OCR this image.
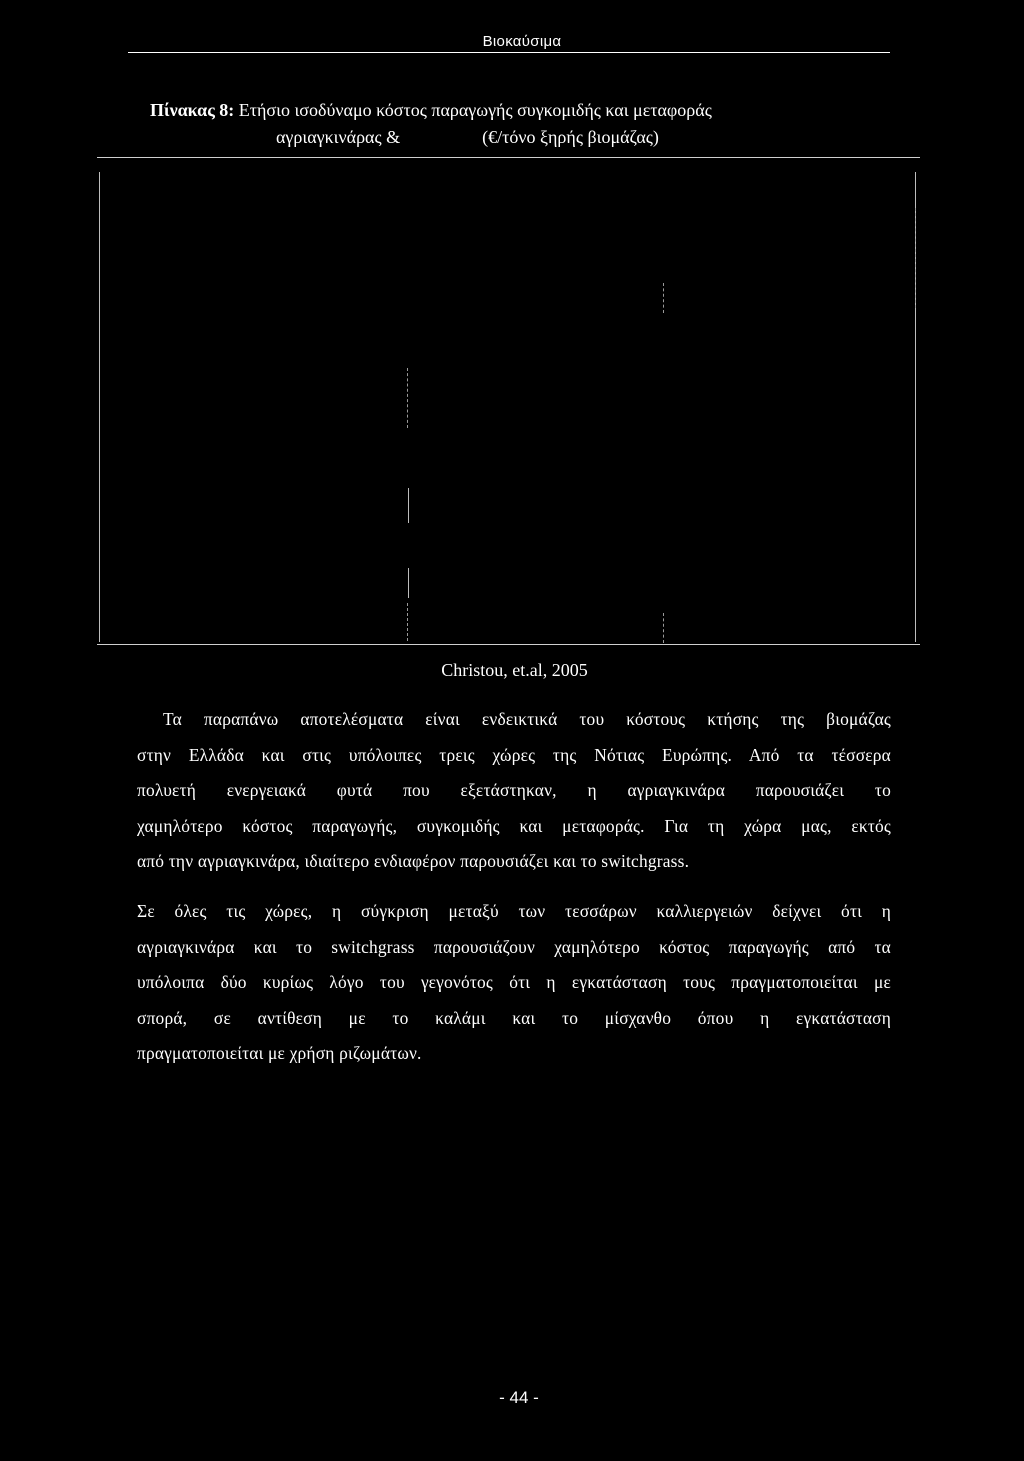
Βιοκαύσιμα
Πίνακας 8: Ετήσιο ισοδύναμο κόστος παραγωγής συγκομιδής και μεταφοράς
αγριαγκινάρας &	(€/τόνο ξηρής βιομάζας)
Christou, et.al, 2005
Τα παραπάνω αποτελέσματα είναι ενδεικτικά του κόστους κτήσης της βιομάζας
στην Ελλάδα και στις υπόλοιπες τρεις χώρες της Νότιας Ευρώπης. Από τα τέσσερα
πολυετή ενεργειακά φυτά που εξετάστηκαν, η αγριαγκινάρα παρουσιάζει το
χαμηλότερο κόστος παραγωγής, συγκομιδής και μεταφοράς. Για τη χώρα μας, εκτός
από την αγριαγκινάρα, ιδιαίτερο ενδιαφέρον παρουσιάζει και το switchgrass.
Σε όλες τις χώρες, η σύγκριση μεταξύ των τεσσάρων καλλιεργειών δείχνει ότι η
αγριαγκινάρα και το switchgrass παρουσιάζουν χαμηλότερο κόστος παραγωγής από τα
υπόλοιπα δύο κυρίως λόγο του γεγονότος ότι η εγκατάσταση τους πραγματοποιείται με
σπορά, σε αντίθεση με το καλάμι και το μίσχανθο όπου η εγκατάσταση
πραγματοποιείται με χρήση ριζωμάτων.
- 44 -
